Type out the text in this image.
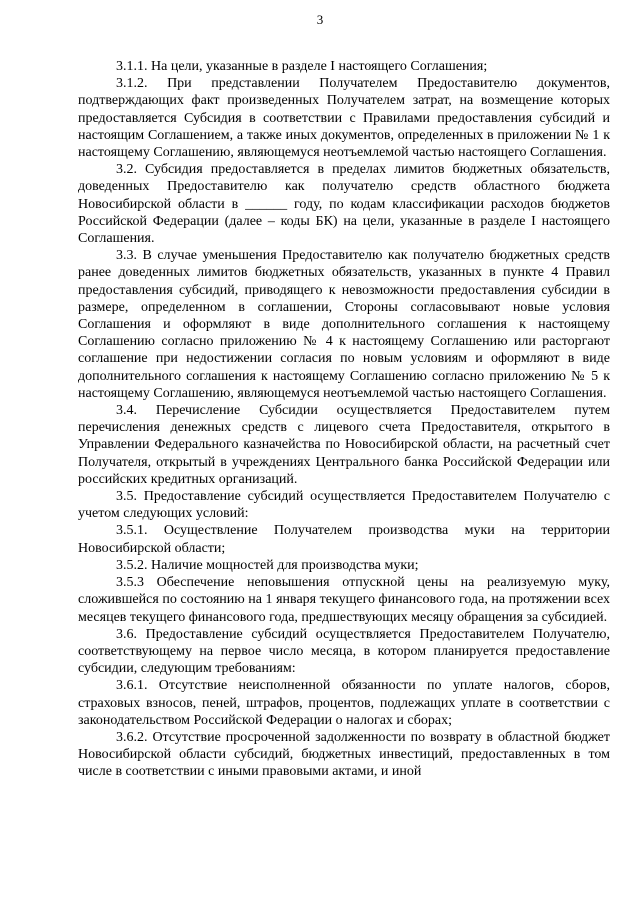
3

3.1.1. На цели, указанные в разделе I настоящего Соглашения;

3.1.2. При представлении Получателем Предоставителю документов, подтверждающих факт произведенных Получателем затрат, на возмещение которых предоставляется Субсидия в соответствии с Правилами предоставления субсидий и настоящим Соглашением, а также иных документов, определенных в приложении № 1 к настоящему Соглашению, являющемуся неотъемлемой частью настоящего Соглашения.

3.2. Субсидия предоставляется в пределах лимитов бюджетных обязательств, доведенных Предоставителю как получателю средств областного бюджета Новосибирской области в ______ году, по кодам классификации расходов бюджетов Российской Федерации (далее – коды БК) на цели, указанные в разделе I настоящего Соглашения.

3.3. В случае уменьшения Предоставителю как получателю бюджетных средств ранее доведенных лимитов бюджетных обязательств, указанных в пункте 4 Правил предоставления субсидий, приводящего к невозможности предоставления субсидии в размере, определенном в соглашении, Стороны согласовывают новые условия Соглашения и оформляют в виде дополнительного соглашения к настоящему Соглашению согласно приложению № 4 к настоящему Соглашению или расторгают соглашение при недостижении согласия по новым условиям и оформляют в виде дополнительного соглашения к настоящему Соглашению согласно приложению № 5 к настоящему Соглашению, являющемуся неотъемлемой частью настоящего Соглашения.

3.4. Перечисление Субсидии осуществляется Предоставителем путем перечисления денежных средств с лицевого счета Предоставителя, открытого в Управлении Федерального казначейства по Новосибирской области, на расчетный счет Получателя, открытый в учреждениях Центрального банка Российской Федерации или российских кредитных организаций.

3.5. Предоставление субсидий осуществляется Предоставителем Получателю с учетом следующих условий:

3.5.1. Осуществление Получателем производства муки на территории Новосибирской области;

3.5.2. Наличие мощностей для производства муки;

3.5.3 Обеспечение неповышения отпускной цены на реализуемую муку, сложившейся по состоянию на 1 января текущего финансового года, на протяжении всех месяцев текущего финансового года, предшествующих месяцу обращения за субсидией.

3.6. Предоставление субсидий осуществляется Предоставителем Получателю, соответствующему на первое число месяца, в котором планируется предоставление субсидии, следующим требованиям:

3.6.1. Отсутствие неисполненной обязанности по уплате налогов, сборов, страховых взносов, пеней, штрафов, процентов, подлежащих уплате в соответствии с законодательством Российской Федерации о налогах и сборах;

3.6.2. Отсутствие просроченной задолженности по возврату в областной бюджет Новосибирской области субсидий, бюджетных инвестиций, предоставленных в том числе в соответствии с иными правовыми актами, и иной
